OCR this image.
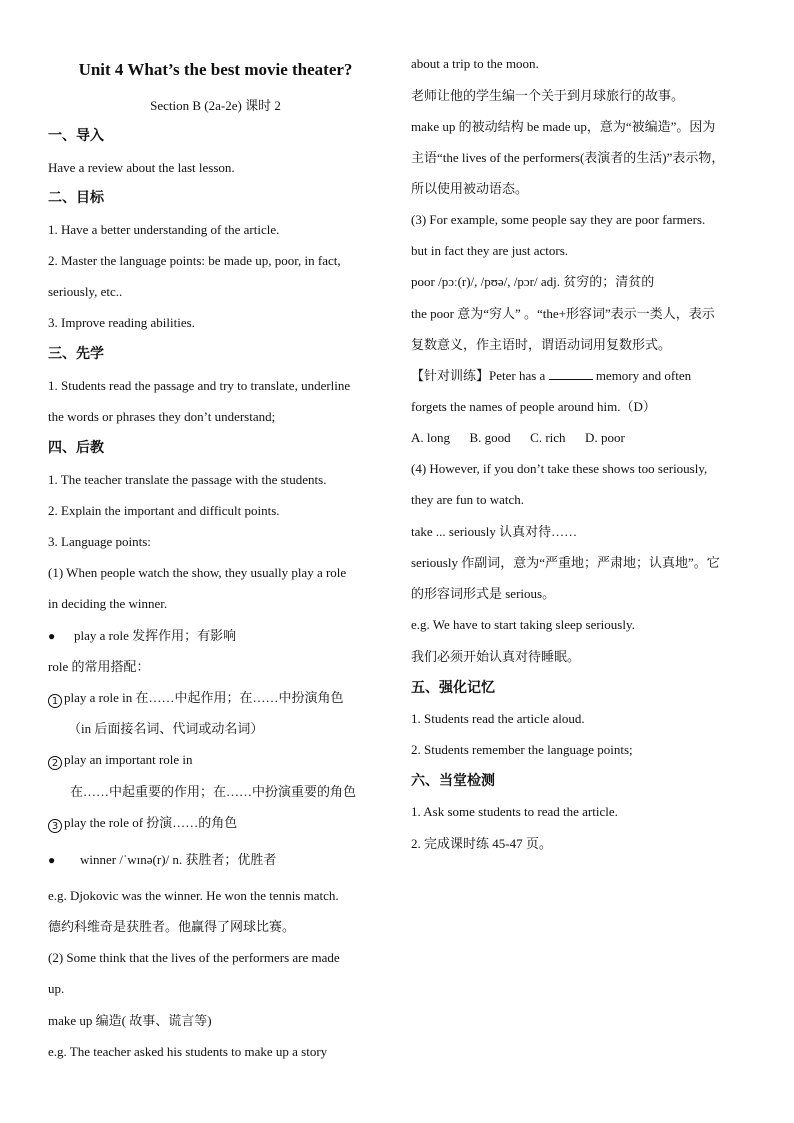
Unit 4 What’s the best movie theater?
Section B (2a-2e) 课时 2
一、导入
Have a review about the last lesson.
二、目标
1. Have a better understanding of the article.
2. Master the language points: be made up, poor, in fact,
seriously, etc..
3. Improve reading abilities.
三、先学
1. Students read the passage and try to translate, underline
the words or phrases they don’t understand;
四、后教
1. The teacher translate the passage with the students.
2. Explain the important and difficult points.
3. Language points:
(1) When people watch the show, they usually play a role
in deciding the winner.
● play a role 发挥作用；有影响
role 的常用搭配：
1 play a role in 在……中起作用；在……中扮演角色
（in 后面接名词、代词或动名词）
2 play an important role in
在……中起重要的作用；在……中扮演重要的角色
3 play the role of 扮演……的角色
● winner /ˈwɪnə(r)/ n. 获胜者；优胜者
e.g. Djokovic was the winner. He won the tennis match.
德约科维奇是获胜者。他赢得了网球比赛。
(2) Some think that the lives of the performers are made
up.
make up 编造( 故事、谎言等)
e.g. The teacher asked his students to make up a story
about a trip to the moon.
老师让他的学生编一个关于到月球旅行的故事。
make up 的被动结构 be made up，意为“被编造”。因为
主语“the lives of the performers(表演者的生活)”表示物，
所以使用被动语态。
(3) For example, some people say they are poor farmers.
but in fact they are just actors.
poor /pɔː(r)/, /pʊə/, /pɔr/ adj. 贫穷的；清贫的
the poor 意为“穷人” 。“the+形容词”表示一类人，表示
复数意义，作主语时，谓语动词用复数形式。
【针对训练】Peter has a	memory and often
forgets the names of people around him.（D）
A. long      B. good      C. rich      D. poor
(4) However, if you don’t take these shows too seriously,
they are fun to watch.
take ... seriously 认真对待……
seriously 作副词，意为“严重地；严肃地；认真地”。它
的形容词形式是 serious。
e.g. We have to start taking sleep seriously.
我们必须开始认真对待睡眠。
五、强化记忆
1. Students read the article aloud.
2. Students remember the language points;
六、当堂检测
1. Ask some students to read the article.
2. 完成课时练 45-47 页。
